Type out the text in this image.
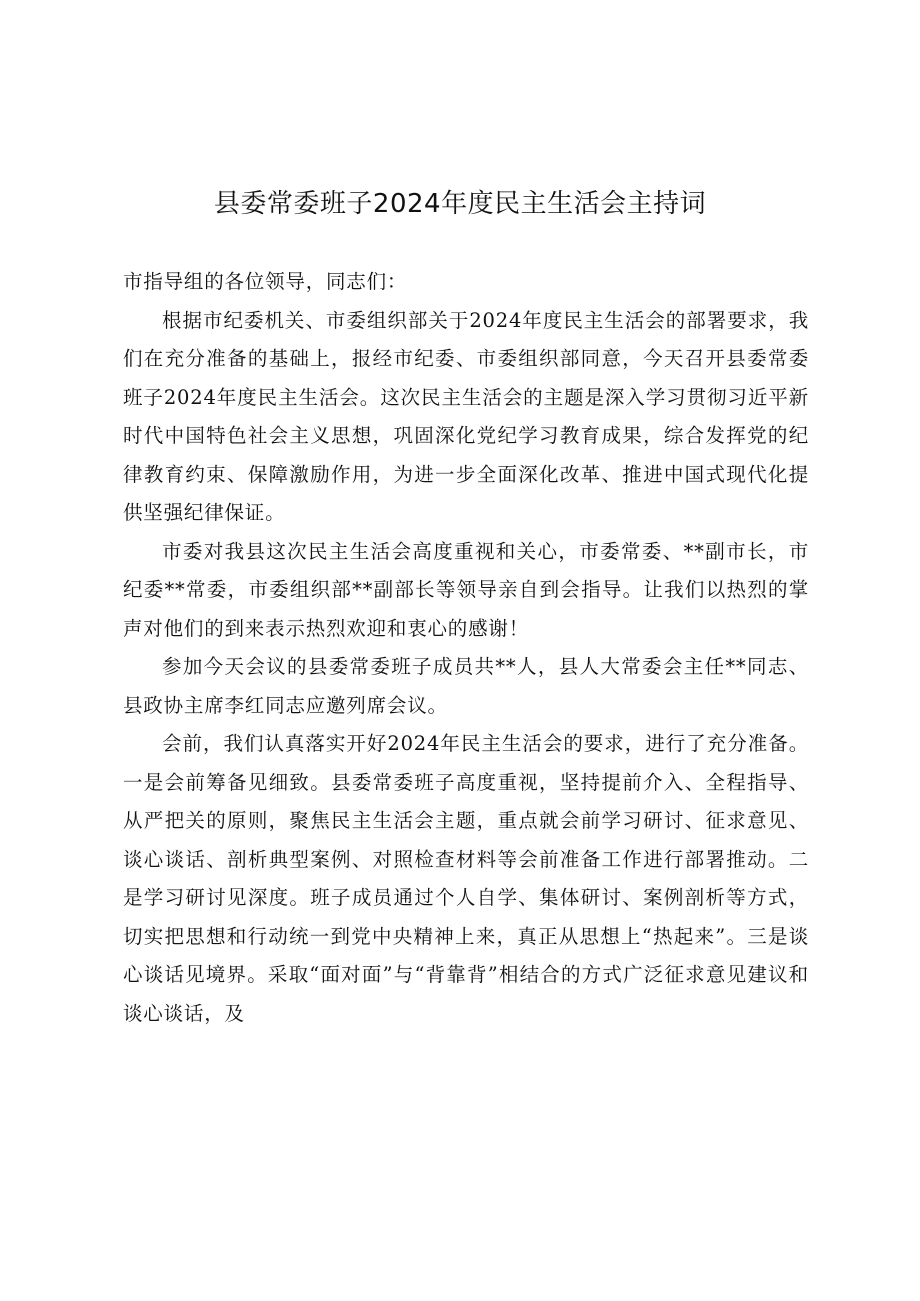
县委常委班子2024年度民主生活会主持词

市指导组的各位领导，同志们：

根据市纪委机关、市委组织部关于2024年度民主生活会的部署要求，我们在充分准备的基础上，报经市纪委、市委组织部同意，今天召开县委常委班子2024年度民主生活会。这次民主生活会的主题是深入学习贯彻习近平新时代中国特色社会主义思想，巩固深化党纪学习教育成果，综合发挥党的纪律教育约束、保障激励作用，为进一步全面深化改革、推进中国式现代化提供坚强纪律保证。

市委对我县这次民主生活会高度重视和关心，市委常委、**副市长，市纪委**常委，市委组织部**副部长等领导亲自到会指导。让我们以热烈的掌声对他们的到来表示热烈欢迎和衷心的感谢！

参加今天会议的县委常委班子成员共**人，县人大常委会主任**同志、县政协主席李红同志应邀列席会议。

会前，我们认真落实开好2024年民主生活会的要求，进行了充分准备。一是会前筹备见细致。县委常委班子高度重视，坚持提前介入、全程指导、从严把关的原则，聚焦民主生活会主题，重点就会前学习研讨、征求意见、谈心谈话、剖析典型案例、对照检查材料等会前准备工作进行部署推动。二是学习研讨见深度。班子成员通过个人自学、集体研讨、案例剖析等方式，切实把思想和行动统一到党中央精神上来，真正从思想上“热起来”。三是谈心谈话见境界。采取“面对面”与“背靠背”相结合的方式广泛征求意见建议和谈心谈话，及
